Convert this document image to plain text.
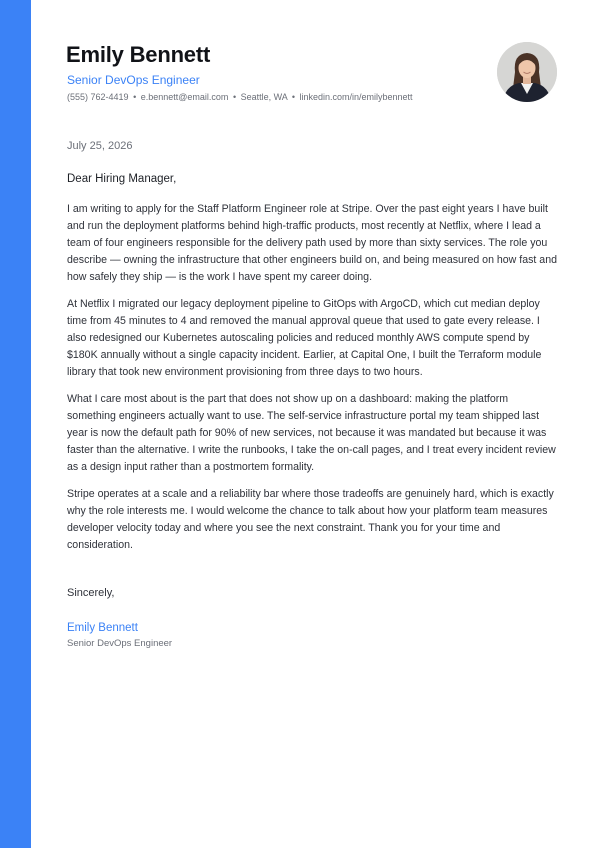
Emily Bennett
Senior DevOps Engineer
(555) 762-4419 • e.bennett@email.com • Seattle, WA • linkedin.com/in/emilybennett
July 25, 2026
Dear Hiring Manager,

I am writing to apply for the Staff Platform Engineer role at Stripe. Over the past eight years I have built and run the deployment platforms behind high-traffic products, most recently at Netflix, where I lead a team of four engineers responsible for the delivery path used by more than sixty services. The role you describe — owning the infrastructure that other engineers build on, and being measured on how fast and how safely they ship — is the work I have spent my career doing.

At Netflix I migrated our legacy deployment pipeline to GitOps with ArgoCD, which cut median deploy time from 45 minutes to 4 and removed the manual approval queue that used to gate every release. I also redesigned our Kubernetes autoscaling policies and reduced monthly AWS compute spend by $180K annually without a single capacity incident. Earlier, at Capital One, I built the Terraform module library that took new environment provisioning from three days to two hours.

What I care most about is the part that does not show up on a dashboard: making the platform something engineers actually want to use. The self-service infrastructure portal my team shipped last year is now the default path for 90% of new services, not because it was mandated but because it was faster than the alternative. I write the runbooks, I take the on-call pages, and I treat every incident review as a design input rather than a postmortem formality.

Stripe operates at a scale and a reliability bar where those tradeoffs are genuinely hard, which is exactly why the role interests me. I would welcome the chance to talk about how your platform team measures developer velocity today and where you see the next constraint. Thank you for your time and consideration.

Sincerely,
Emily Bennett
Senior DevOps Engineer
